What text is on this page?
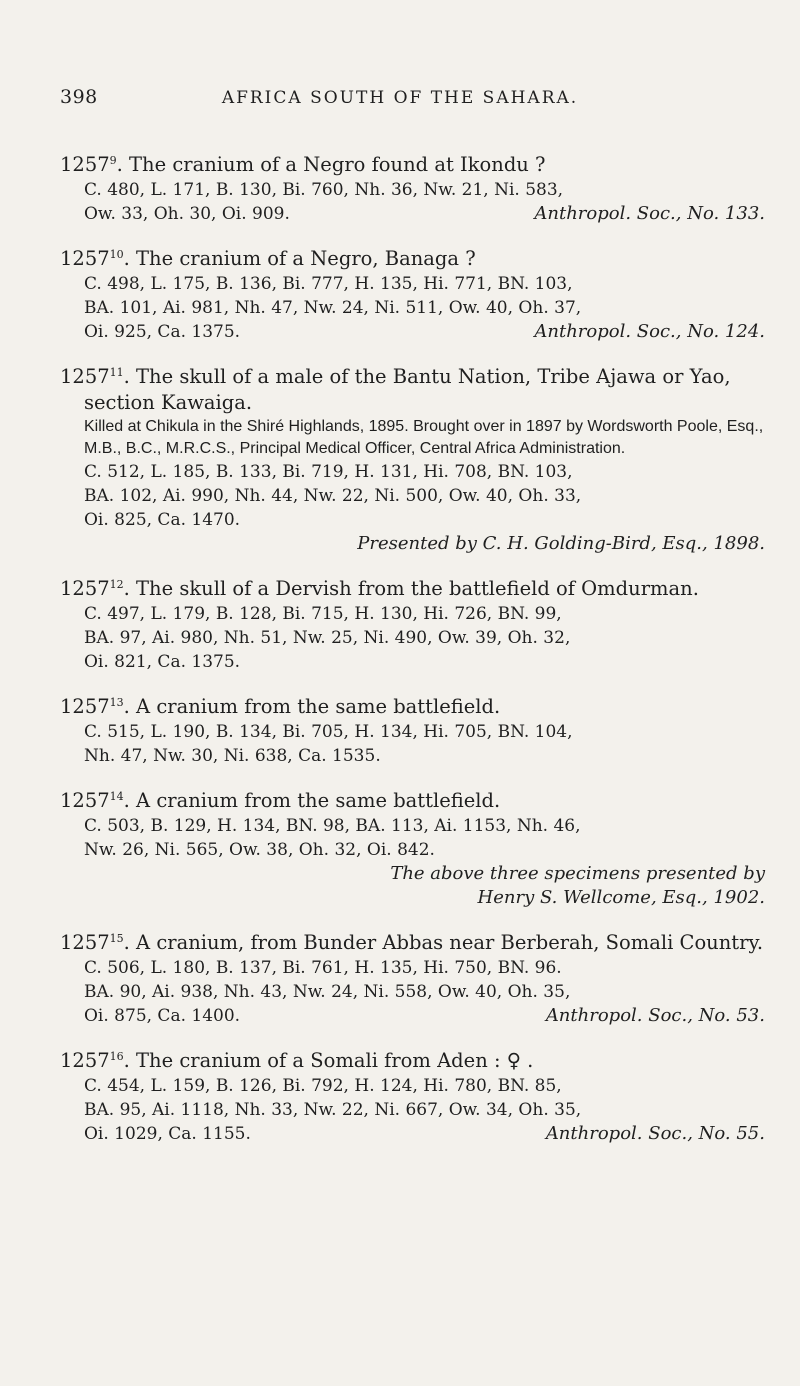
398	AFRICA SOUTH OF THE SAHARA.
1257$^9$. The cranium of a Negro found at Ikondu ?
C. 480, L. 171, B. 130, Bi. 760, Nh. 36, Nw. 21, Ni. 583,
Ow. 33, Oh. 30, Oi. 909.	Anthropol. Soc., No. 133.
1257$^{10}$. The cranium of a Negro, Banaga ?
C. 498, L. 175, B. 136, Bi. 777, H. 135, Hi. 771, BN. 103,
BA. 101, Ai. 981, Nh. 47, Nw. 24, Ni. 511, Ow. 40, Oh. 37,
Oi. 925, Ca. 1375.	Anthropol. Soc., No. 124.
1257$^{11}$. The skull of a male of the Bantu Nation, Tribe Ajawa or Yao, section Kawaiga.
Killed at Chikula in the Shiré Highlands, 1895. Brought over in 1897 by Wordsworth Poole, Esq., M.B., B.C., M.R.C.S., Principal Medical Officer, Central Africa Administration.
C. 512, L. 185, B. 133, Bi. 719, H. 131, Hi. 708, BN. 103,
BA. 102, Ai. 990, Nh. 44, Nw. 22, Ni. 500, Ow. 40, Oh. 33,
Oi. 825, Ca. 1470.
Presented by C. H. Golding-Bird, Esq., 1898.
1257$^{12}$. The skull of a Dervish from the battlefield of Omdurman.
C. 497, L. 179, B. 128, Bi. 715, H. 130, Hi. 726, BN. 99,
BA. 97, Ai. 980, Nh. 51, Nw. 25, Ni. 490, Ow. 39, Oh. 32,
Oi. 821, Ca. 1375.
1257$^{13}$. A cranium from the same battlefield.
C. 515, L. 190, B. 134, Bi. 705, H. 134, Hi. 705, BN. 104,
Nh. 47, Nw. 30, Ni. 638, Ca. 1535.
1257$^{14}$. A cranium from the same battlefield.
C. 503, B. 129, H. 134, BN. 98, BA. 113, Ai. 1153, Nh. 46,
Nw. 26, Ni. 565, Ow. 38, Oh. 32, Oi. 842.
The above three specimens presented by
Henry S. Wellcome, Esq., 1902.
1257$^{15}$. A cranium, from Bunder Abbas near Berberah, Somali Country.
C. 506, L. 180, B. 137, Bi. 761, H. 135, Hi. 750, BN. 96.
BA. 90, Ai. 938, Nh. 43, Nw. 24, Ni. 558, Ow. 40, Oh. 35,
Oi. 875, Ca. 1400.	Anthropol. Soc., No. 53.
1257$^{16}$. The cranium of a Somali from Aden : ♀ .
C. 454, L. 159, B. 126, Bi. 792, H. 124, Hi. 780, BN. 85,
BA. 95, Ai. 1118, Nh. 33, Nw. 22, Ni. 667, Ow. 34, Oh. 35,
Oi. 1029, Ca. 1155.	Anthropol. Soc., No. 55.
